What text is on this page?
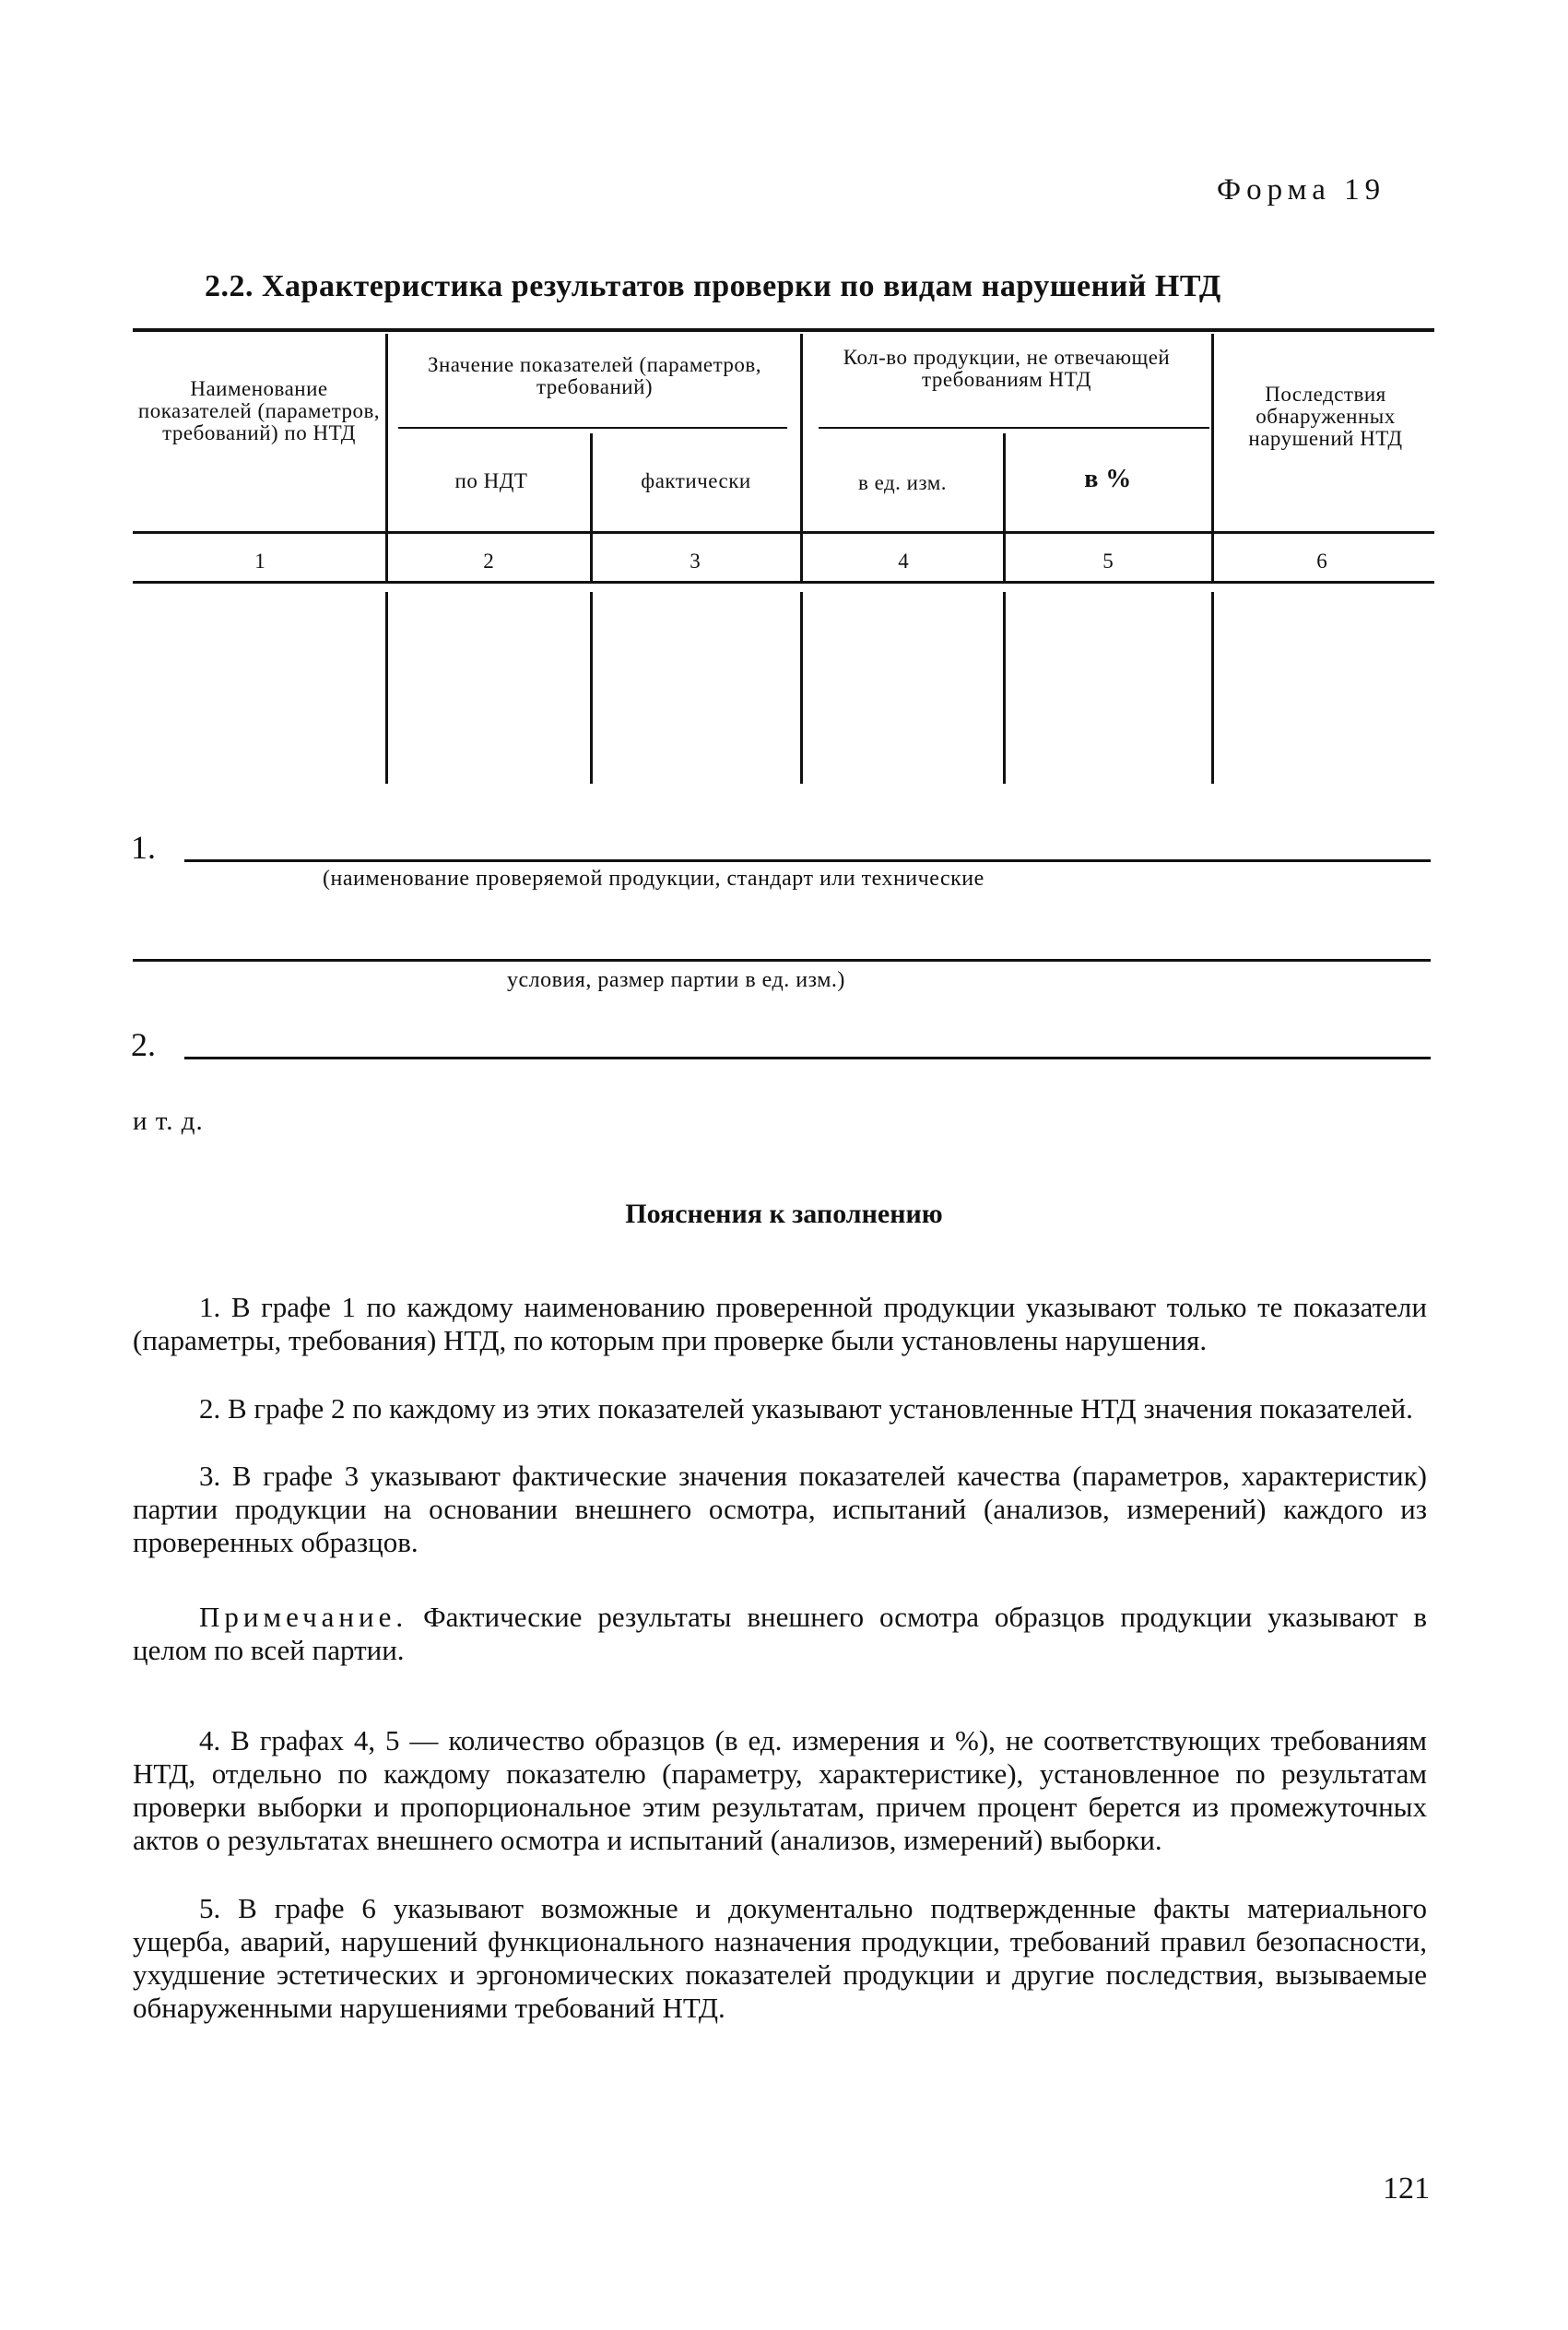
Форма 19
2.2. Характеристика результатов проверки по видам нарушений НТД
Наименование показателей (параметров, требований) по НТД
Значение показателей (параметров, требований)
по НДТ	фактически
Кол-во продукции, не отвечающей требованиям НТД
в ед. изм.	в %
Последствия обнаруженных нарушений НТД
1	2	3	4	5	6
1.
(наименование проверяемой продукции, стандарт или технические
условия, размер партии в ед. изм.)
2.
и т. д.
Пояснения к заполнению
1. В графе 1 по каждому наименованию проверенной продукции указывают только те показатели (параметры, требования) НТД, по которым при проверке были установлены нарушения.
2. В графе 2 по каждому из этих показателей указывают установленные НТД значения показателей.
3. В графе 3 указывают фактические значения показателей качества (параметров, характеристик) партии продукции на основании внешнего осмотра, испытаний (анализов, измерений) каждого из проверенных образцов.
Примечание. Фактические результаты внешнего осмотра образцов продукции указывают в целом по всей партии.
4. В графах 4, 5 — количество образцов (в ед. измерения и %), не соответствующих требованиям НТД, отдельно по каждому показателю (параметру, характеристике), установленное по результатам проверки выборки и пропорциональное этим результатам, причем процент берется из промежуточных актов о результатах внешнего осмотра и испытаний (анализов, измерений) выборки.
5. В графе 6 указывают возможные и документально подтвержденные факты материального ущерба, аварий, нарушений функционального назначения продукции, требований правил безопасности, ухудшение эстетических и эргономических показателей продукции и другие последствия, вызываемые обнаруженными нарушениями требований НТД.
121
